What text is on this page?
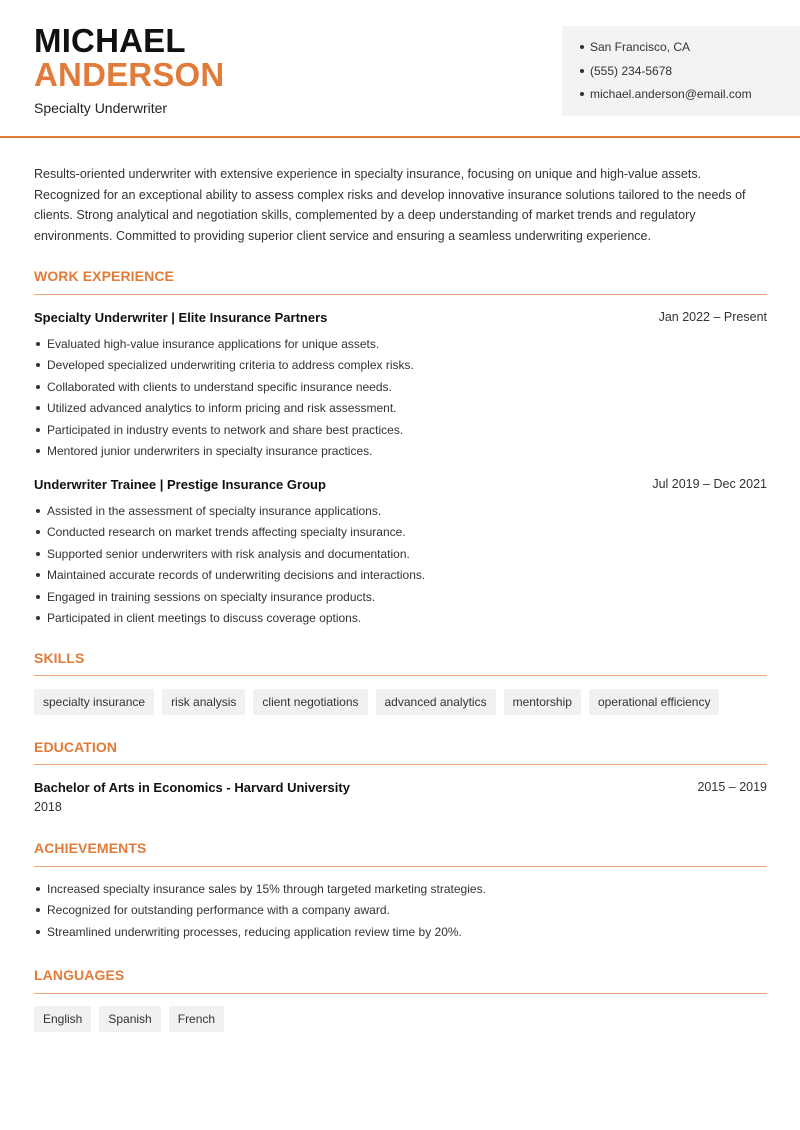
MICHAEL
ANDERSON
Specialty Underwriter
San Francisco, CA
(555) 234-5678
michael.anderson@email.com

Results-oriented underwriter with extensive experience in specialty insurance, focusing on unique and high-value assets. Recognized for an exceptional ability to assess complex risks and develop innovative insurance solutions tailored to the needs of clients. Strong analytical and negotiation skills, complemented by a deep understanding of market trends and regulatory environments. Committed to providing superior client service and ensuring a seamless underwriting experience.

WORK EXPERIENCE
Specialty Underwriter | Elite Insurance Partners	Jan 2022 – Present
Evaluated high-value insurance applications for unique assets.
Developed specialized underwriting criteria to address complex risks.
Collaborated with clients to understand specific insurance needs.
Utilized advanced analytics to inform pricing and risk assessment.
Participated in industry events to network and share best practices.
Mentored junior underwriters in specialty insurance practices.
Underwriter Trainee | Prestige Insurance Group	Jul 2019 – Dec 2021
Assisted in the assessment of specialty insurance applications.
Conducted research on market trends affecting specialty insurance.
Supported senior underwriters with risk analysis and documentation.
Maintained accurate records of underwriting decisions and interactions.
Engaged in training sessions on specialty insurance products.
Participated in client meetings to discuss coverage options.
SKILLS
specialty insurance	risk analysis	client negotiations	advanced analytics	mentorship	operational efficiency
EDUCATION
Bachelor of Arts in Economics - Harvard University	2015 – 2019
2018
ACHIEVEMENTS
Increased specialty insurance sales by 15% through targeted marketing strategies.
Recognized for outstanding performance with a company award.
Streamlined underwriting processes, reducing application review time by 20%.
LANGUAGES
English	Spanish	French
